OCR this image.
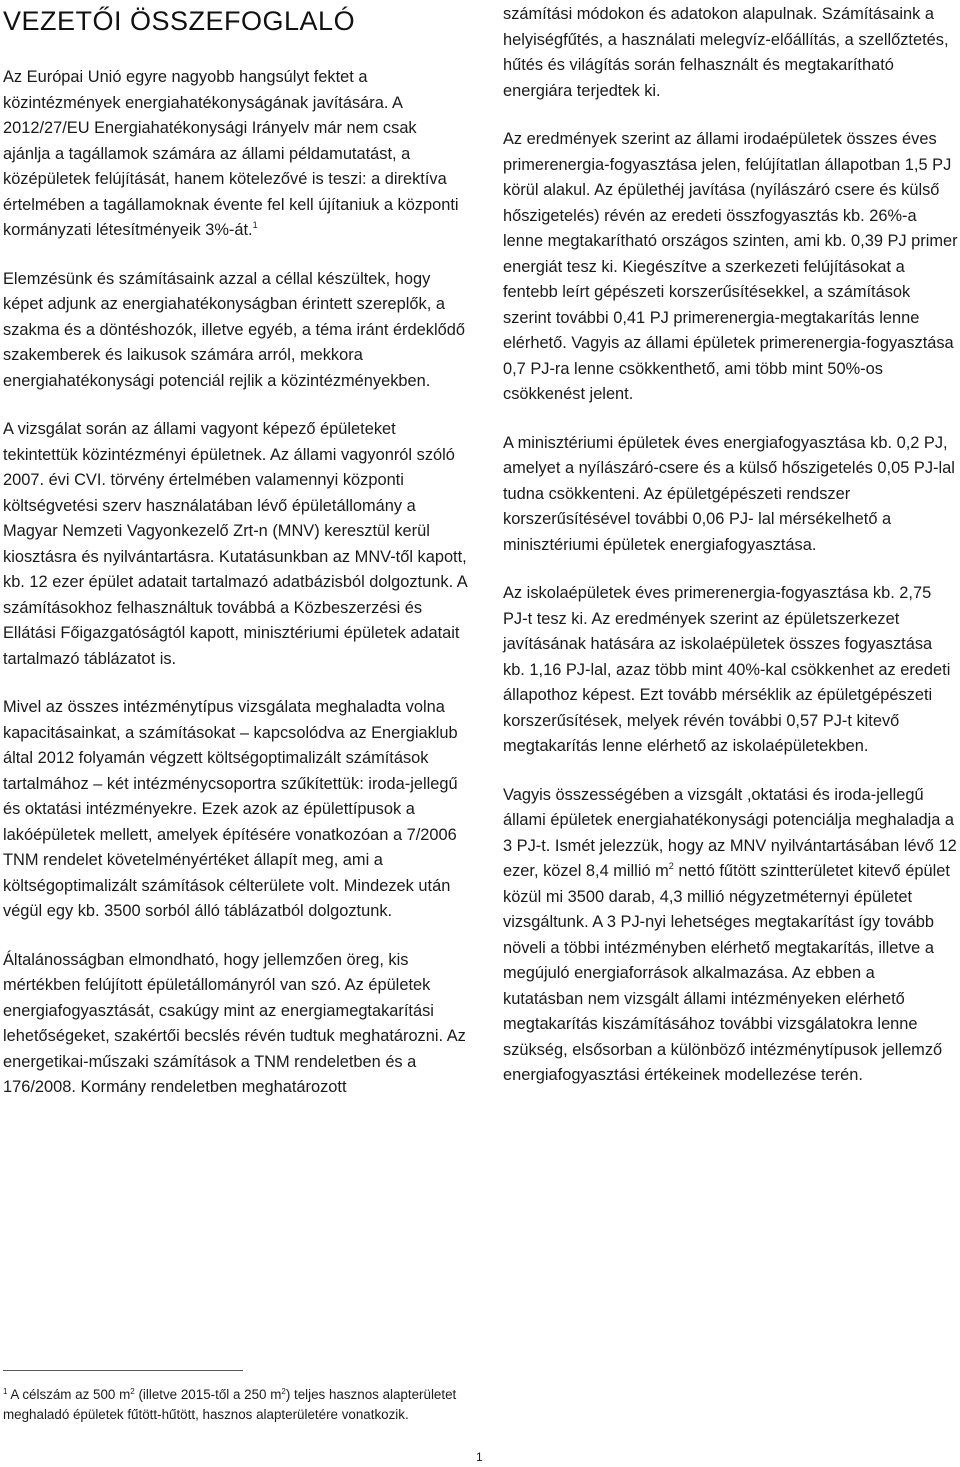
VEZETŐI ÖSSZEFOGLALÓ

Az Európai Unió egyre nagyobb hangsúlyt fektet a közintézmények energiahatékonyságának javítására. A 2012/27/EU Energiahatékonysági Irányelv már nem csak ajánlja a tagállamok számára az állami példamutatást, a középületek felújítását, hanem kötelezővé is teszi: a direktíva értelmében a tagállamoknak évente fel kell újítaniuk a központi kormányzati létesítményeik 3%-át.$^1$

Elemzésünk és számításaink azzal a céllal készültek, hogy képet adjunk az energiahatékonyságban érintett szereplők, a szakma és a döntéshozók, illetve egyéb, a téma iránt érdeklődő szakemberek és laikusok számára arról, mekkora energiahatékonysági potenciál rejlik a közintézményekben.

A vizsgálat során az állami vagyont képező épületeket tekintettük közintézményi épületnek. Az állami vagyonról szóló 2007. évi CVI. törvény értelmében valamennyi központi költségvetési szerv használatában lévő épületállomány a Magyar Nemzeti Vagyonkezelő Zrt-n (MNV) keresztül kerül kiosztásra és nyilvántartásra. Kutatásunkban az MNV-től kapott, kb. 12 ezer épület adatait tartalmazó adatbázisból dolgoztunk. A számításokhoz felhasználtuk továbbá a Közbeszerzési és Ellátási Főigazgatóságtól kapott, minisztériumi épületek adatait tartalmazó táblázatot is.

Mivel az összes intézménytípus vizsgálata meghaladta volna kapacitásainkat, a számításokat – kapcsolódva az Energiaklub által 2012 folyamán végzett költségoptimalizált számítások tartalmához – két intézménycsoportra szűkítettük: iroda-jellegű és oktatási intézményekre. Ezek azok az épülettípusok a lakóépületek mellett, amelyek építésére vonatkozóan a 7/2006 TNM rendelet követelményértéket állapít meg, ami a költségoptimalizált számítások célterülete volt. Mindezek után végül egy kb. 3500 sorból álló táblázatból dolgoztunk.

Általánosságban elmondható, hogy jellemzően öreg, kis mértékben felújított épületállományról van szó. Az épületek energiafogyasztását, csakúgy mint az energiamegtakarítási lehetőségeket, szakértői becslés révén tudtuk meghatározni. Az energetikai-műszaki számítások a TNM rendeletben és a 176/2008. Kormány rendeletben meghatározott

számítási módokon és adatokon alapulnak. Számításaink a helyiségfűtés, a használati melegvíz-előállítás, a szellőztetés, hűtés és világítás során felhasznált és megtakarítható energiára terjedtek ki.

Az eredmények szerint az állami irodaépületek összes éves primerenergia-fogyasztása jelen, felújítatlan állapotban 1,5 PJ körül alakul. Az épülethéj javítása (nyílászáró csere és külső hőszigetelés) révén az eredeti összfogyasztás kb. 26%-a lenne megtakarítható országos szinten, ami kb. 0,39 PJ primer energiát tesz ki. Kiegészítve a szerkezeti felújításokat a fentebb leírt gépészeti korszerűsítésekkel, a számítások szerint további 0,41 PJ primerenergia-megtakarítás lenne elérhető. Vagyis az állami épületek primerenergia-fogyasztása 0,7 PJ-ra lenne csökkenthető, ami több mint 50%-os csökkenést jelent.

A minisztériumi épületek éves energiafogyasztása kb. 0,2 PJ, amelyet a nyílászáró-csere és a külső hőszigetelés 0,05 PJ-lal tudna csökkenteni. Az épületgépészeti rendszer korszerűsítésével további 0,06 PJ- lal mérsékelhető a minisztériumi épületek energiafogyasztása.

Az iskolaépületek éves primerenergia-fogyasztása kb. 2,75 PJ-t tesz ki. Az eredmények szerint az épületszerkezet javításának hatására az iskolaépületek összes fogyasztása kb. 1,16 PJ-lal, azaz több mint 40%-kal csökkenhet az eredeti állapothoz képest. Ezt tovább mérséklik az épületgépészeti korszerűsítések, melyek révén további 0,57 PJ-t kitevő megtakarítás lenne elérhető az iskolaépületekben.

Vagyis összességében a vizsgált ,oktatási és iroda-jellegű állami épületek energiahatékonysági potenciálja meghaladja a 3 PJ-t. Ismét jelezzük, hogy az MNV nyilvántartásában lévő 12 ezer, közel 8,4 millió $m^2$ nettó fűtött szintterületet kitevő épület közül mi 3500 darab, 4,3 millió négyzetméternyi épületet vizsgáltunk. A 3 PJ-nyi lehetséges megtakarítást így tovább növeli a többi intézményben elérhető megtakarítás, illetve a megújuló energiaforrások alkalmazása. Az ebben a kutatásban nem vizsgált állami intézményeken elérhető megtakarítás kiszámításához további vizsgálatokra lenne szükség, elsősorban a különböző intézménytípusok jellemző energiafogyasztási értékeinek modellezése terén.

$^1$ A célszám az 500 $m^2$ (illetve 2015-től a 250 $m^2$) teljes hasznos alapterületet meghaladó épületek fűtött-hűtött, hasznos alapterületére vonatkozik.

1
